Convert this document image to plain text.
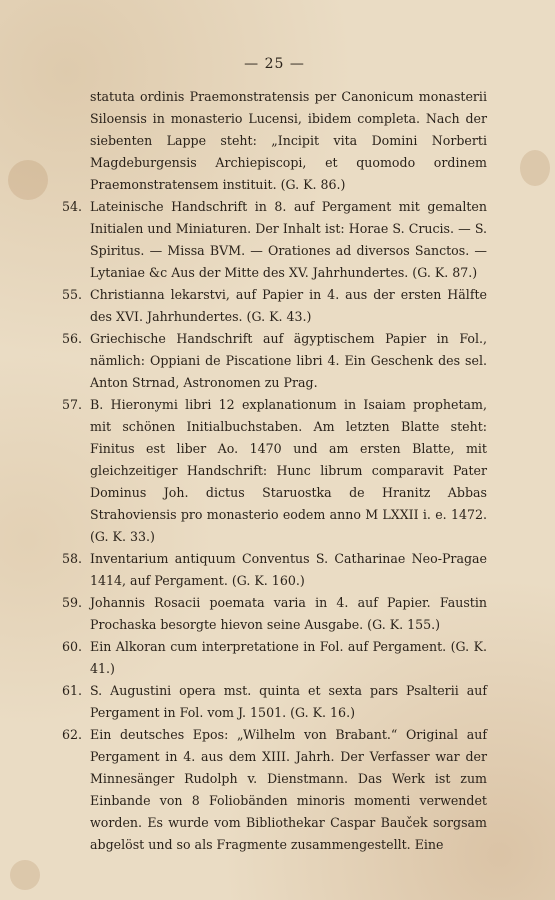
— 25 —
statuta ordinis Praemonstratensis per Canonicum monasterii Siloensis in monasterio Lucensi, ibidem completa. Nach der siebenten Lappe steht: „Incipit vita Domini Norberti Magdeburgensis Archiepiscopi, et quomodo ordinem Praemonstratensem instituit. (G. K. 86.)
54. Lateinische Handschrift in 8. auf Pergament mit gemalten Initialen und Miniaturen. Der Inhalt ist: Horae S. Crucis. — S. Spiritus. — Missa BVM. — Orationes ad diversos Sanctos. — Lytaniae &c Aus der Mitte des XV. Jahrhundertes. (G. K. 87.)
55. Christianna lekarstvi, auf Papier in 4. aus der ersten Hälfte des XVI. Jahrhundertes. (G. K. 43.)
56. Griechische Handschrift auf ägyptischem Papier in Fol., nämlich: Oppiani de Piscatione libri 4. Ein Geschenk des sel. Anton Strnad, Astronomen zu Prag.
57. B. Hieronymi libri 12 explanationum in Isaiam prophetam, mit schönen Initialbuchstaben. Am letzten Blatte steht: Finitus est liber Ao. 1470 und am ersten Blatte, mit gleichzeitiger Handschrift: Hunc librum comparavit Pater Dominus Joh. dictus Staruostka de Hranitz Abbas Strahoviensis pro monasterio eodem anno M LXXII i. e. 1472. (G. K. 33.)
58. Inventarium antiquum Conventus S. Catharinae Neo-Pragae 1414, auf Pergament. (G. K. 160.)
59. Johannis Rosacii poemata varia in 4. auf Papier. Faustin Prochaska besorgte hievon seine Ausgabe. (G. K. 155.)
60. Ein Alkoran cum interpretatione in Fol. auf Pergament. (G. K. 41.)
61. S. Augustini opera mst. quinta et sexta pars Psalterii auf Pergament in Fol. vom J. 1501. (G. K. 16.)
62. Ein deutsches Epos: „Wilhelm von Brabant.“ Original auf Pergament in 4. aus dem XIII. Jahrh. Der Verfasser war der Minnesänger Rudolph v. Dienstmann. Das Werk ist zum Einbande von 8 Foliobänden minoris momenti verwendet worden. Es wurde vom Bibliothekar Caspar Bauček sorgsam abgelöst und so als Fragmente zusammengestellt. Eine
